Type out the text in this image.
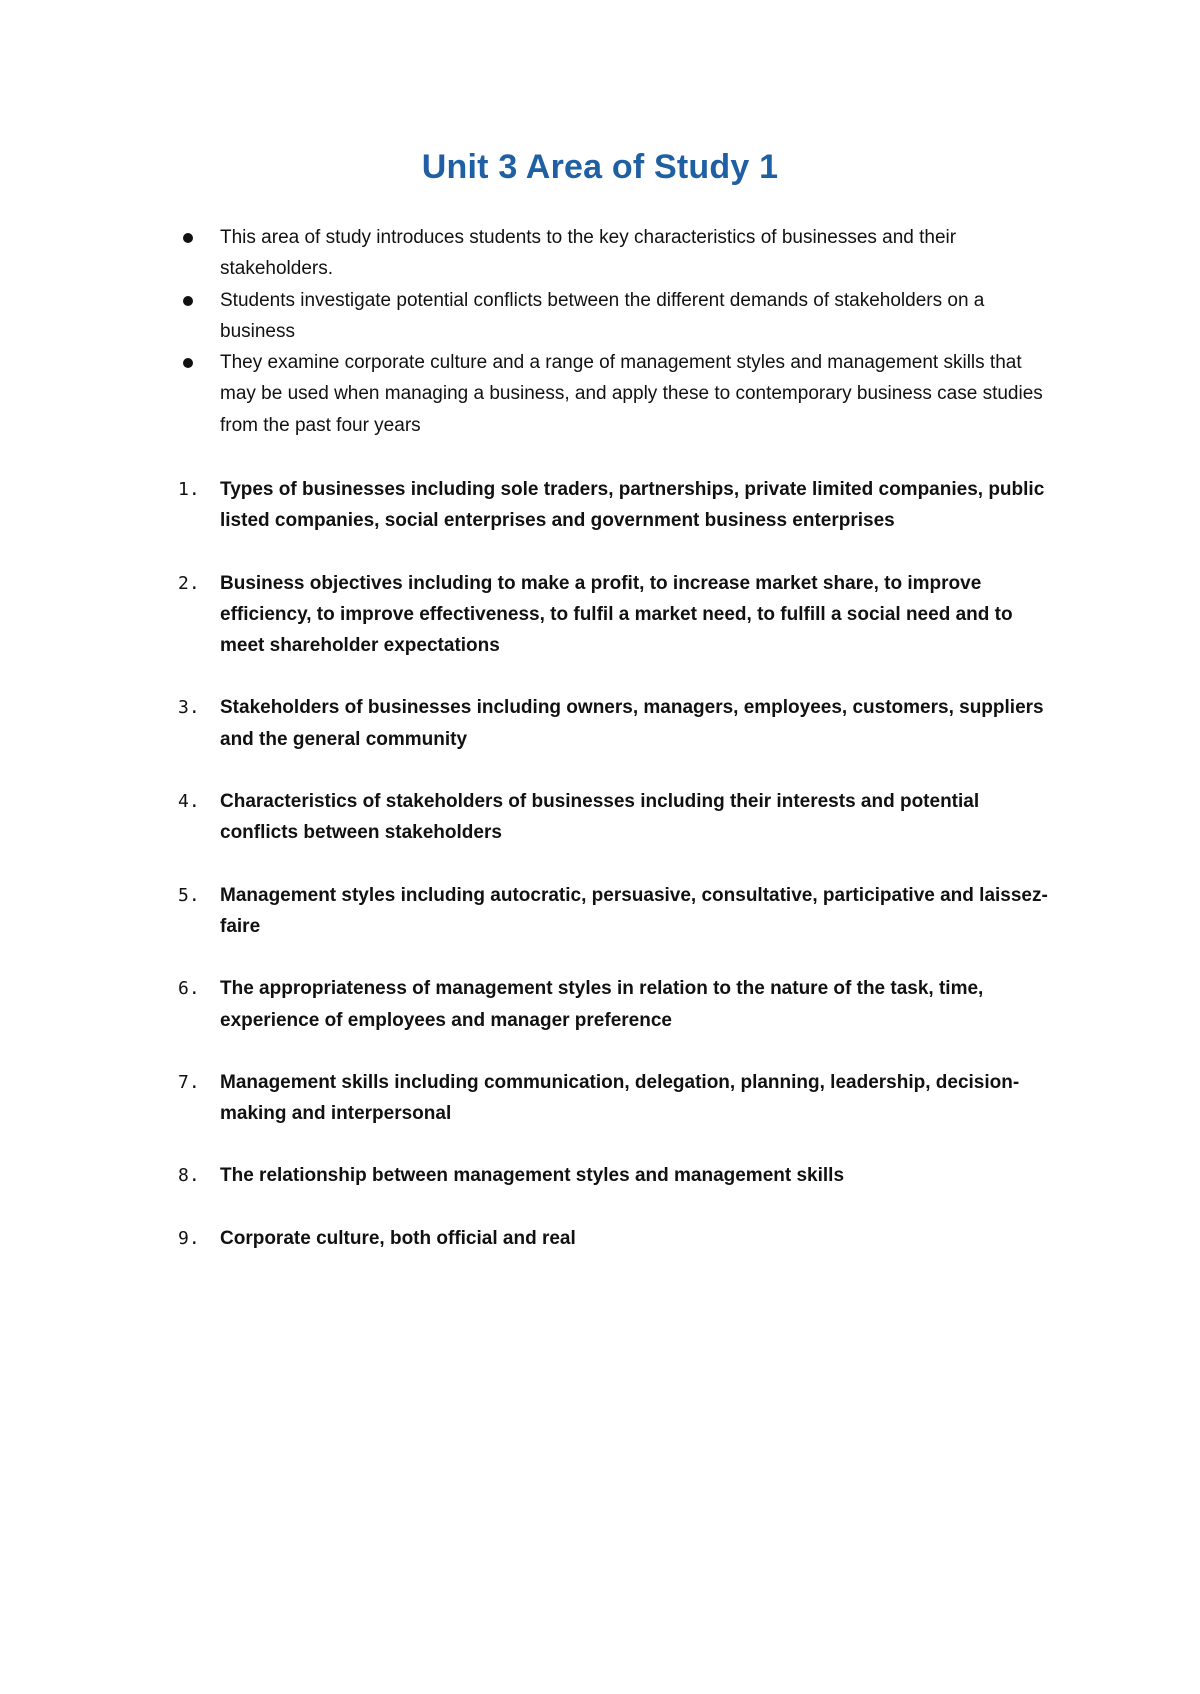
Unit 3 Area of Study 1
This area of study introduces students to the key characteristics of businesses and their stakeholders.
Students investigate potential conflicts between the different demands of stakeholders on a business
They examine corporate culture and a range of management styles and management skills that may be used when managing a business, and apply these to contemporary business case studies from the past four years
1. Types of businesses including sole traders, partnerships, private limited companies, public listed companies, social enterprises and government business enterprises
2. Business objectives including to make a profit, to increase market share, to improve efficiency, to improve effectiveness, to fulfil a market need, to fulfill a social need and to meet shareholder expectations
3. Stakeholders of businesses including owners, managers, employees, customers, suppliers and the general community
4. Characteristics of stakeholders of businesses including their interests and potential conflicts between stakeholders
5. Management styles including autocratic, persuasive, consultative, participative and laissez-faire
6. The appropriateness of management styles in relation to the nature of the task, time, experience of employees and manager preference
7. Management skills including communication, delegation, planning, leadership, decision-making and interpersonal
8. The relationship between management styles and management skills
9. Corporate culture, both official and real
